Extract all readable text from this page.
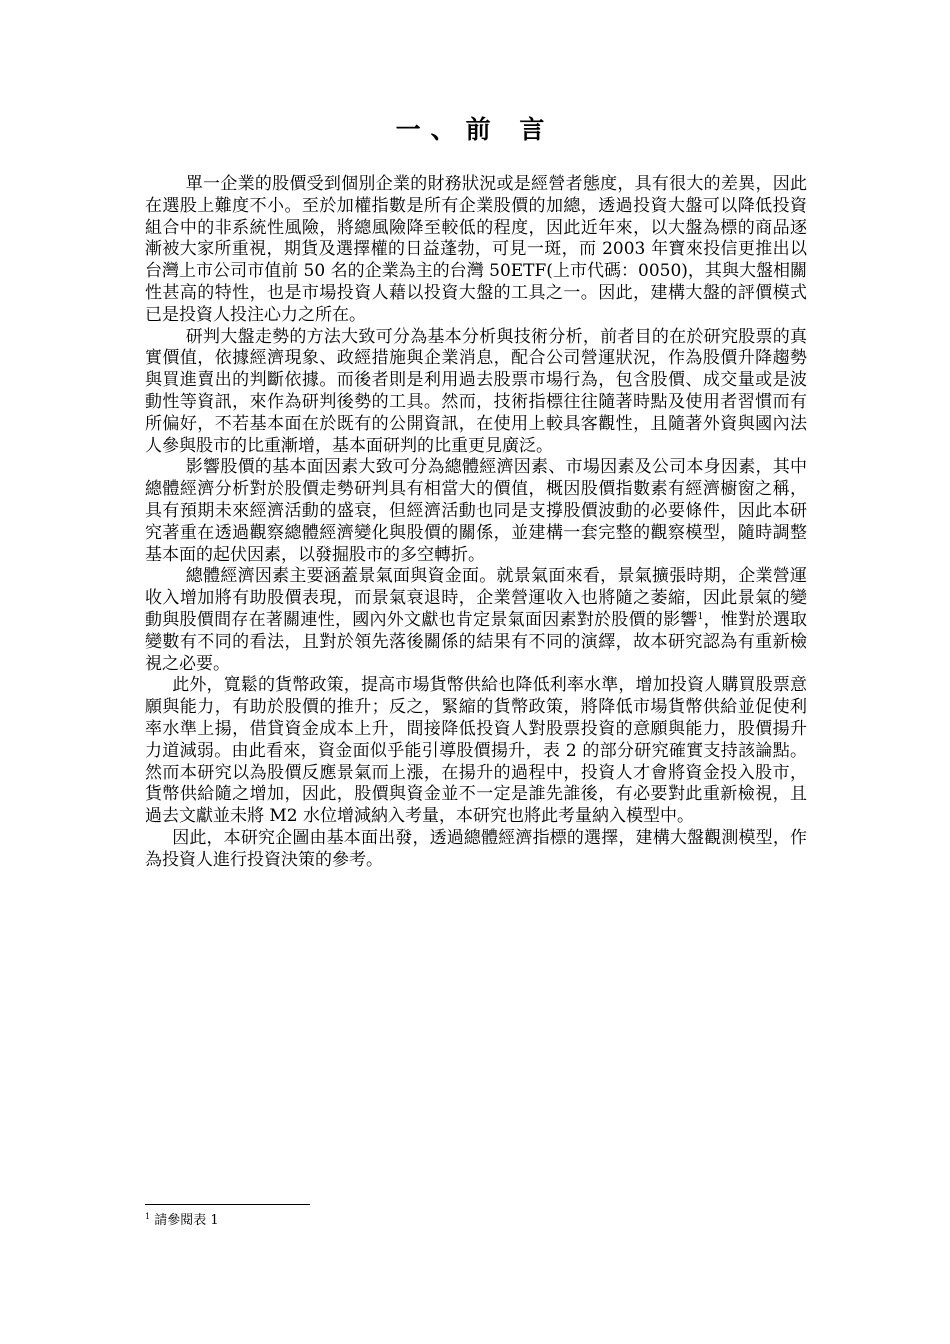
一、前 言

單一企業的股價受到個別企業的財務狀況或是經營者態度，具有很大的差異，因此在選股上難度不小。至於加權指數是所有企業股價的加總，透過投資大盤可以降低投資組合中的非系統性風險，將總風險降至較低的程度，因此近年來，以大盤為標的商品逐漸被大家所重視，期貨及選擇權的日益蓬勃，可見一斑，而 2003 年寶來投信更推出以台灣上市公司市值前 50 名的企業為主的台灣 50ETF(上市代碼：0050)，其與大盤相關性甚高的特性，也是市場投資人藉以投資大盤的工具之一。因此，建構大盤的評價模式已是投資人投注心力之所在。

研判大盤走勢的方法大致可分為基本分析與技術分析，前者目的在於研究股票的真實價值，依據經濟現象、政經措施與企業消息，配合公司營運狀況，作為股價升降趨勢與買進賣出的判斷依據。而後者則是利用過去股票市場行為，包含股價、成交量或是波動性等資訊，來作為研判後勢的工具。然而，技術指標往往隨著時點及使用者習慣而有所偏好，不若基本面在於既有的公開資訊，在使用上較具客觀性，且隨著外資與國內法人參與股市的比重漸增，基本面研判的比重更見廣泛。

影響股價的基本面因素大致可分為總體經濟因素、市場因素及公司本身因素，其中總體經濟分析對於股價走勢研判具有相當大的價值，概因股價指數素有經濟櫥窗之稱，具有預期未來經濟活動的盛衰，但經濟活動也同是支撐股價波動的必要條件，因此本研究著重在透過觀察總體經濟變化與股價的關係，並建構一套完整的觀察模型，隨時調整基本面的起伏因素，以發掘股市的多空轉折。

總體經濟因素主要涵蓋景氣面與資金面。就景氣面來看，景氣擴張時期，企業營運收入增加將有助股價表現，而景氣衰退時，企業營運收入也將隨之萎縮，因此景氣的變動與股價間存在著關連性，國內外文獻也肯定景氣面因素對於股價的影響$^1$，惟對於選取變數有不同的看法，且對於領先落後關係的結果有不同的演繹，故本研究認為有重新檢視之必要。

此外，寬鬆的貨幣政策，提高市場貨幣供給也降低利率水準，增加投資人購買股票意願與能力，有助於股價的推升；反之，緊縮的貨幣政策，將降低市場貨幣供給並促使利率水準上揚，借貸資金成本上升，間接降低投資人對股票投資的意願與能力，股價揚升力道減弱。由此看來，資金面似乎能引導股價揚升，表 2 的部分研究確實支持該論點。然而本研究以為股價反應景氣而上漲，在揚升的過程中，投資人才會將資金投入股市，貨幣供給隨之增加，因此，股價與資金並不一定是誰先誰後，有必要對此重新檢視，且過去文獻並未將 M2 水位增減納入考量，本研究也將此考量納入模型中。

因此，本研究企圖由基本面出發，透過總體經濟指標的選擇，建構大盤觀測模型，作為投資人進行投資決策的參考。

$^1$ 請參閱表 1
